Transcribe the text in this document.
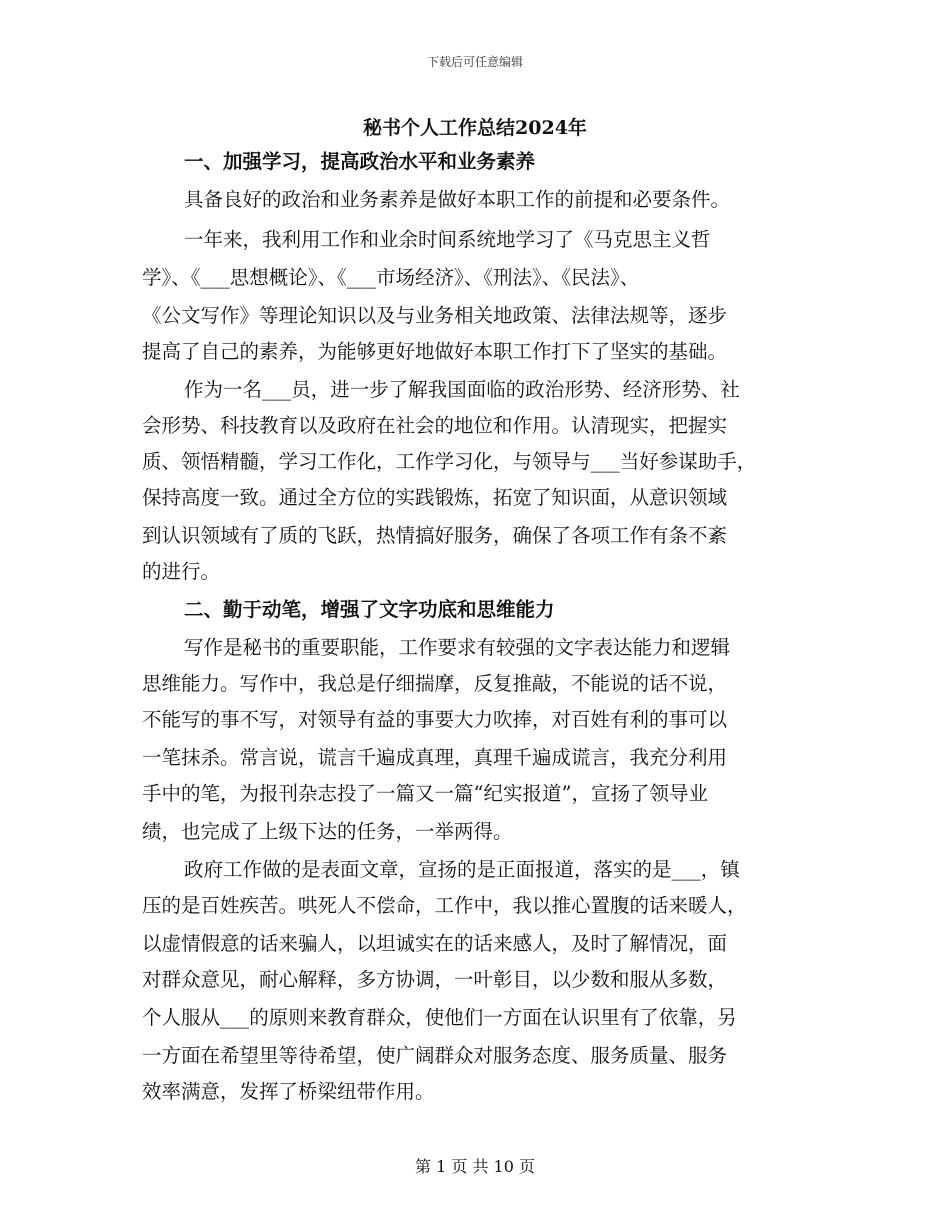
下载后可任意编辑
秘书个人工作总结2024年
一、加强学习，提高政治水平和业务素养
具备良好的政治和业务素养是做好本职工作的前提和必要条件。
一年来，我利用工作和业余时间系统地学习了《马克思主义哲
学》、《___思想概论》、《___市场经济》、《刑法》、《民法》、
《公文写作》等理论知识以及与业务相关地政策、法律法规等，逐步
提高了自己的素养，为能够更好地做好本职工作打下了坚实的基础。
作为一名___员，进一步了解我国面临的政治形势、经济形势、社
会形势、科技教育以及政府在社会的地位和作用。认清现实，把握实
质、领悟精髓，学习工作化，工作学习化，与领导与___当好参谋助手，
保持高度一致。通过全方位的实践锻炼，拓宽了知识面，从意识领域
到认识领域有了质的飞跃，热情搞好服务，确保了各项工作有条不紊
的进行。
二、勤于动笔，增强了文字功底和思维能力
写作是秘书的重要职能，工作要求有较强的文字表达能力和逻辑
思维能力。写作中，我总是仔细揣摩，反复推敲，不能说的话不说，
不能写的事不写，对领导有益的事要大力吹捧，对百姓有利的事可以
一笔抹杀。常言说，谎言千遍成真理，真理千遍成谎言，我充分利用
手中的笔，为报刊杂志投了一篇又一篇“纪实报道”，宣扬了领导业
绩，也完成了上级下达的任务，一举两得。
政府工作做的是表面文章，宣扬的是正面报道，落实的是___，镇
压的是百姓疾苦。哄死人不偿命，工作中，我以推心置腹的话来暖人，
以虚情假意的话来骗人，以坦诚实在的话来感人，及时了解情况，面
对群众意见，耐心解释，多方协调，一叶彰目，以少数和服从多数，
个人服从___的原则来教育群众，使他们一方面在认识里有了依靠，另
一方面在希望里等待希望，使广阔群众对服务态度、服务质量、服务
效率满意，发挥了桥梁纽带作用。
第 1 页 共 10 页
